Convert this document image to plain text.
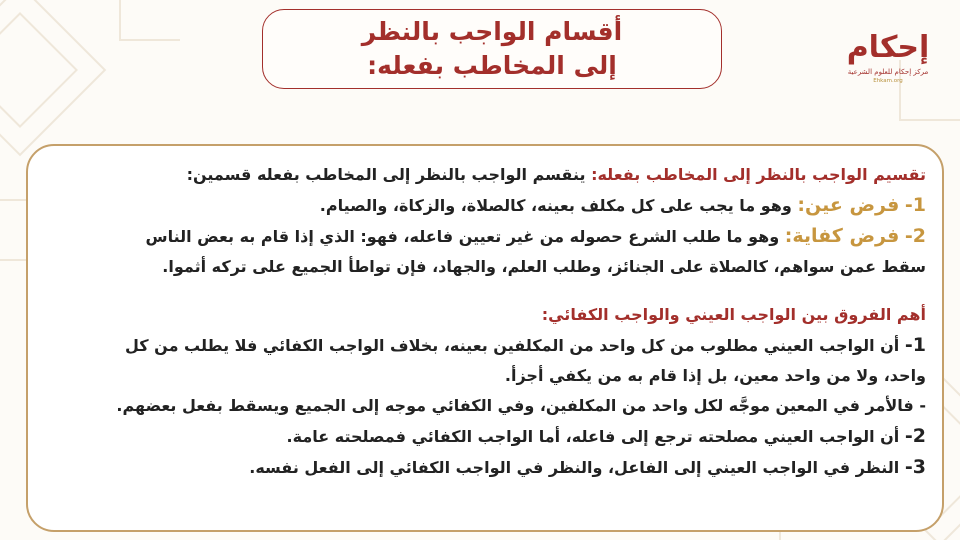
أقسام الواجب بالنظر
إلى المخاطب بفعله:
إحكام
مركز إحكام للعلوم الشرعية
Ehkam.org

تقسيم الواجب بالنظر إلى المخاطب بفعله: ينقسم الواجب بالنظر إلى المخاطب بفعله قسمين:

1- فرض عين: وهو ما يجب على كل مكلف بعينه، كالصلاة، والزكاة، والصيام.

2- فرض كفاية: وهو ما طلب الشرع حصوله من غير تعيين فاعله، فهو: الذي إذا قام به بعض الناس

سقط عمن سواهم، كالصلاة على الجنائز، وطلب العلم، والجهاد، فإن تواطأ الجميع على تركه أثموا.

أهم الفروق بين الواجب العيني والواجب الكفائي:

1- أن الواجب العيني مطلوب من كل واحد من المكلفين بعينه، بخلاف الواجب الكفائي فلا يطلب من كل

واحد، ولا من واحد معين، بل إذا قام به من يكفي أجزأ.

- فالأمر في المعين موجَّه لكل واحد من المكلفين، وفي الكفائي موجه إلى الجميع ويسقط بفعل بعضهم.

2- أن الواجب العيني مصلحته ترجع إلى فاعله، أما الواجب الكفائي فمصلحته عامة.

3- النظر في الواجب العيني إلى الفاعل، والنظر في الواجب الكفائي إلى الفعل نفسه.
